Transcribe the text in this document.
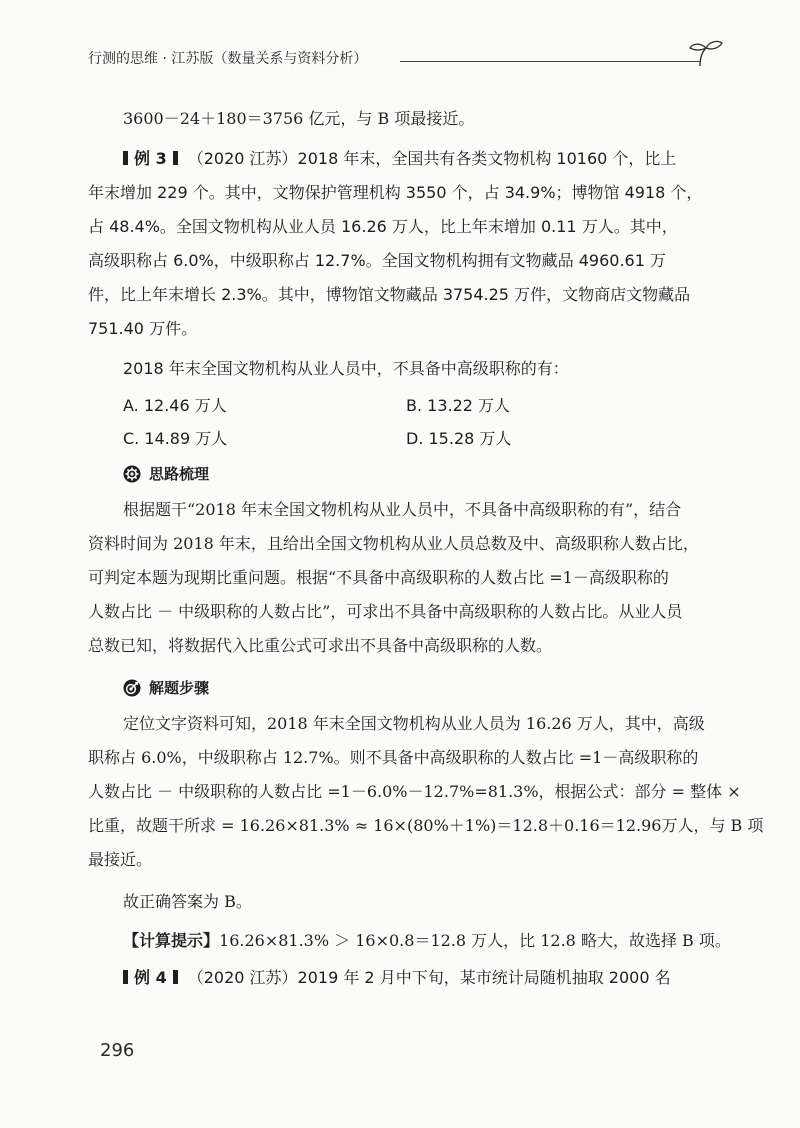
行测的思维 · 江苏版（数量关系与资料分析）
3600－24＋180＝3756 亿元，与 B 项最接近。
例 3 （2020 江苏）2018 年末，全国共有各类文物机构 10160 个，比上
年末增加 229 个。其中，文物保护管理机构 3550 个，占 34.9%；博物馆 4918 个，
占 48.4%。全国文物机构从业人员 16.26 万人，比上年末增加 0.11 万人。其中，
高级职称占 6.0%，中级职称占 12.7%。全国文物机构拥有文物藏品 4960.61 万
件，比上年末增长 2.3%。其中，博物馆文物藏品 3754.25 万件，文物商店文物藏品
751.40 万件。
2018 年末全国文物机构从业人员中，不具备中高级职称的有：
A. 12.46 万人	B. 13.22 万人
C. 14.89 万人	D. 15.28 万人
思路梳理
根据题干“2018 年末全国文物机构从业人员中，不具备中高级职称的有”，结合
资料时间为 2018 年末，且给出全国文物机构从业人员总数及中、高级职称人数占比，
可判定本题为现期比重问题。根据“不具备中高级职称的人数占比 =1－高级职称的
人数占比 － 中级职称的人数占比”，可求出不具备中高级职称的人数占比。从业人员
总数已知，将数据代入比重公式可求出不具备中高级职称的人数。
解题步骤
定位文字资料可知，2018 年末全国文物机构从业人员为 16.26 万人，其中，高级
职称占 6.0%，中级职称占 12.7%。则不具备中高级职称的人数占比 =1－高级职称的
人数占比 － 中级职称的人数占比 =1－6.0%－12.7%=81.3%，根据公式：部分 = 整体 ×
比重，故题干所求 = 16.26×81.3% ≈ 16×(80%＋1%)＝12.8＋0.16＝12.96万人，与 B 项
最接近。
故正确答案为 B。
【计算提示】16.26×81.3% ＞ 16×0.8＝12.8 万人，比 12.8 略大，故选择 B 项。
例 4 （2020 江苏）2019 年 2 月中下旬，某市统计局随机抽取 2000 名
296
